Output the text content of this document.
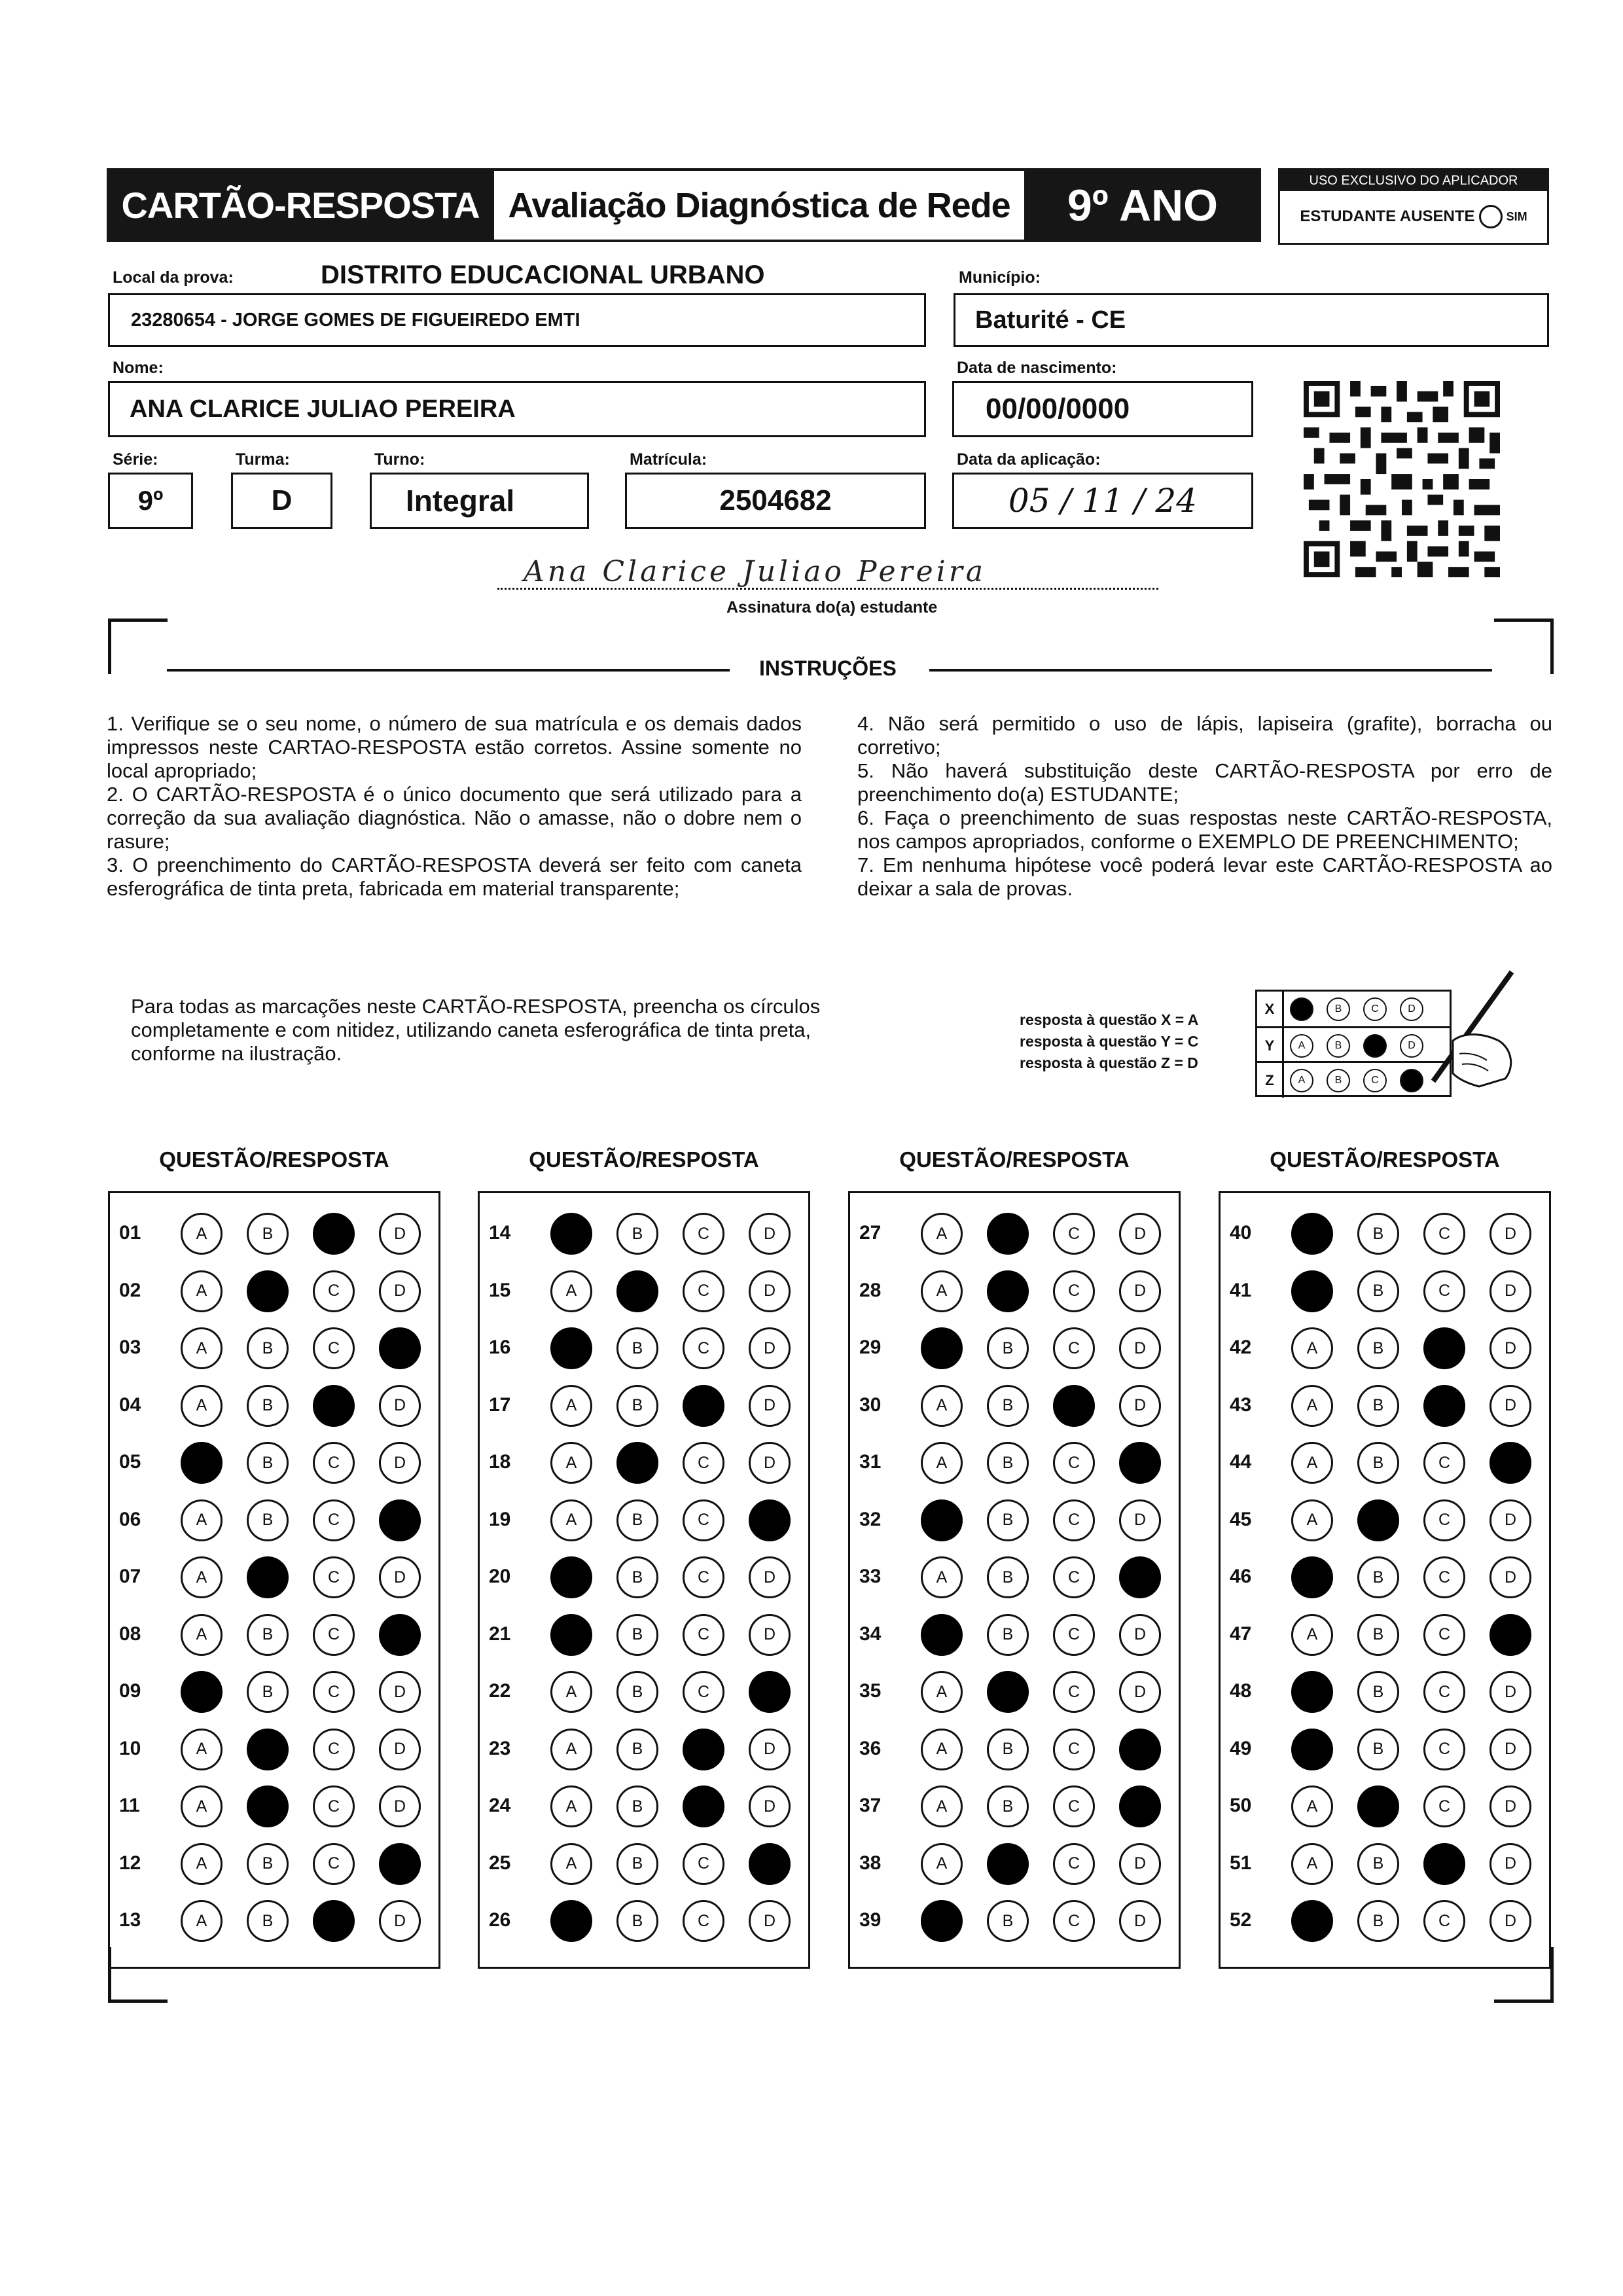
CARTÃO-RESPOSTA Avaliação Diagnóstica de Rede 9º ANO	USO EXCLUSIVO DO APLICADOR
ESTUDANTE AUSENTE	SIM
Local da prova:	DISTRITO EDUCACIONAL URBANO
23280654 - JORGE GOMES DE FIGUEIREDO EMTI
Município:
Baturité - CE
Nome:
ANA CLARICE JULIAO PEREIRA
Data de nascimento:
00/00/0000
Série:
9º
Turma:
D
Turno:
Integral
Matrícula:
2504682
Data da aplicação:
05 / 11 / 24
Ana Clarice Juliao Pereira
Assinatura do(a) estudante
INSTRUÇÕES
1. Verifique se o seu nome, o número de sua matrícula e os demais dados impressos neste CARTAO-RESPOSTA estão corretos. Assine somente no local apropriado;
2. O CARTÃO-RESPOSTA é o único documento que será utilizado para a correção da sua avaliação diagnóstica. Não o amasse, não o dobre nem o rasure;
3. O preenchimento do CARTÃO-RESPOSTA deverá ser feito com caneta esferográfica de tinta preta, fabricada em material transparente;
4. Não será permitido o uso de lápis, lapiseira (grafite), borracha ou corretivo;
5. Não haverá substituição deste CARTÃO-RESPOSTA por erro de preenchimento do(a) ESTUDANTE;
6. Faça o preenchimento de suas respostas neste CARTÃO-RESPOSTA, nos campos apropriados, conforme o EXEMPLO DE PREENCHIMENTO;
7. Em nenhuma hipótese você poderá levar este CARTÃO-RESPOSTA ao deixar a sala de provas.
Para todas as marcações neste CARTÃO-RESPOSTA, preencha os círculos completamente e com nitidez, utilizando caneta esferográfica de tinta preta, conforme na ilustração.
resposta à questão X = A
resposta à questão Y = C
resposta à questão Z = D
X	A	B	C	D
Y	A	B	C	D
Z	A	B	C	D
QUESTÃO/RESPOSTA
01	A	B	C	D
02	A	B	C	D
03	A	B	C	D
04	A	B	C	D
05	A	B	C	D
06	A	B	C	D
07	A	B	C	D
08	A	B	C	D
09	A	B	C	D
10	A	B	C	D
11	A	B	C	D
12	A	B	C	D
13	A	B	C	D
QUESTÃO/RESPOSTA
14	A	B	C	D
15	A	B	C	D
16	A	B	C	D
17	A	B	C	D
18	A	B	C	D
19	A	B	C	D
20	A	B	C	D
21	A	B	C	D
22	A	B	C	D
23	A	B	C	D
24	A	B	C	D
25	A	B	C	D
26	A	B	C	D
QUESTÃO/RESPOSTA
27	A	B	C	D
28	A	B	C	D
29	A	B	C	D
30	A	B	C	D
31	A	B	C	D
32	A	B	C	D
33	A	B	C	D
34	A	B	C	D
35	A	B	C	D
36	A	B	C	D
37	A	B	C	D
38	A	B	C	D
39	A	B	C	D
QUESTÃO/RESPOSTA
40	A	B	C	D
41	A	B	C	D
42	A	B	C	D
43	A	B	C	D
44	A	B	C	D
45	A	B	C	D
46	A	B	C	D
47	A	B	C	D
48	A	B	C	D
49	A	B	C	D
50	A	B	C	D
51	A	B	C	D
52	A	B	C	D
